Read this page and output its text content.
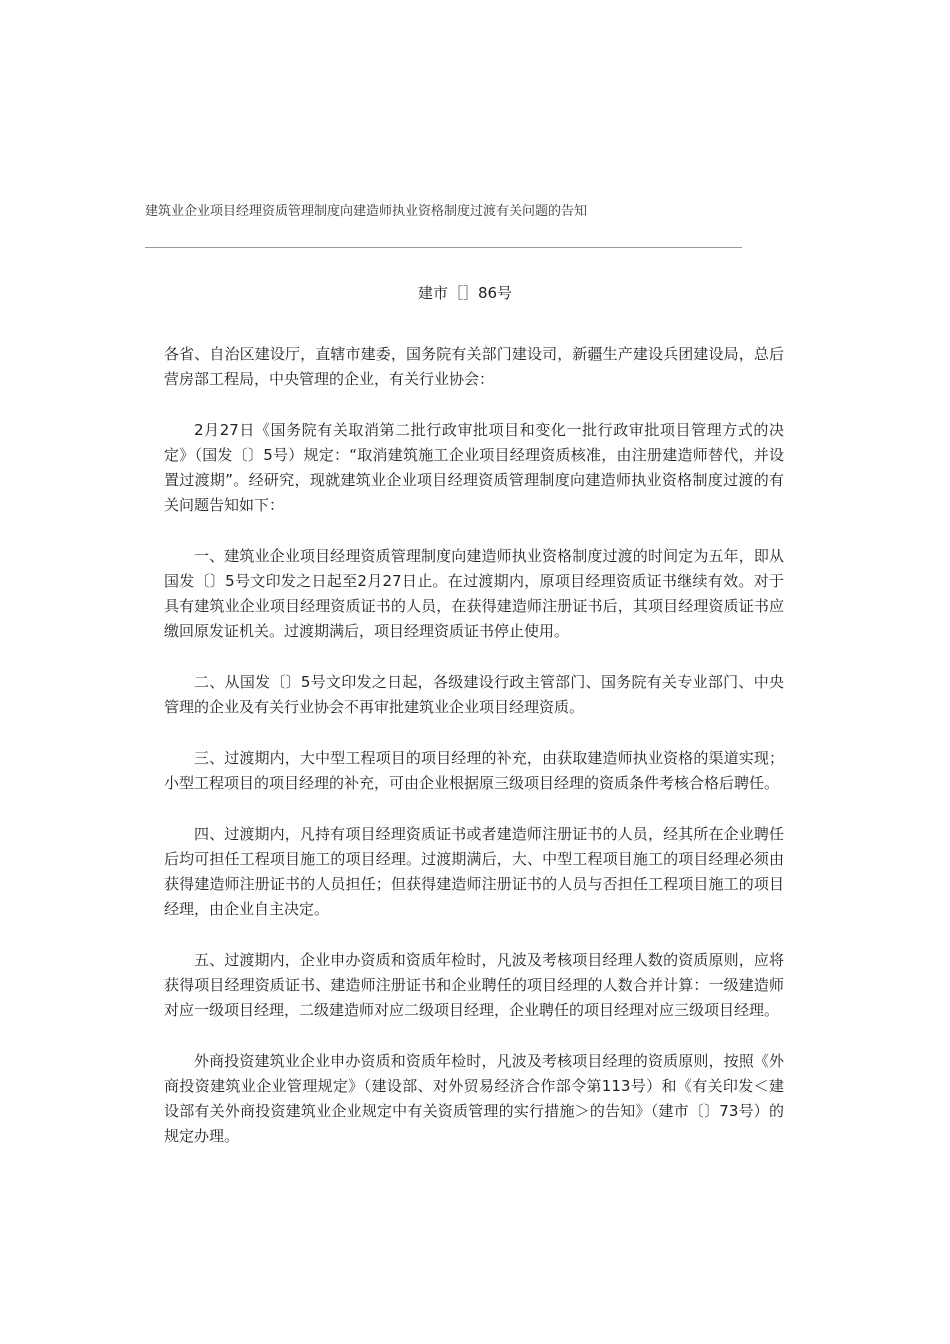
建筑业企业项目经理资质管理制度向建造师执业资格制度过渡有关问题的告知
建市［］86号

各省、自治区建设厅，直辖市建委，国务院有关部门建设司，新疆生产建设兵团建设局，总后营房部工程局，中央管理的企业，有关行业协会：

2月27日《国务院有关取消第二批行政审批项目和变化一批行政审批项目管理方式的决定》（国发〔〕5号）规定：“取消建筑施工企业项目经理资质核准，由注册建造师替代，并设置过渡期”。经研究，现就建筑业企业项目经理资质管理制度向建造师执业资格制度过渡的有关问题告知如下：

一、建筑业企业项目经理资质管理制度向建造师执业资格制度过渡的时间定为五年，即从国发〔〕5号文印发之日起至2月27日止。在过渡期内，原项目经理资质证书继续有效。对于具有建筑业企业项目经理资质证书的人员，在获得建造师注册证书后，其项目经理资质证书应缴回原发证机关。过渡期满后，项目经理资质证书停止使用。

二、从国发〔〕5号文印发之日起，各级建设行政主管部门、国务院有关专业部门、中央管理的企业及有关行业协会不再审批建筑业企业项目经理资质。

三、过渡期内，大中型工程项目的项目经理的补充，由获取建造师执业资格的渠道实现；小型工程项目的项目经理的补充，可由企业根据原三级项目经理的资质条件考核合格后聘任。

四、过渡期内，凡持有项目经理资质证书或者建造师注册证书的人员，经其所在企业聘任后均可担任工程项目施工的项目经理。过渡期满后，大、中型工程项目施工的项目经理必须由获得建造师注册证书的人员担任；但获得建造师注册证书的人员与否担任工程项目施工的项目经理，由企业自主决定。

五、过渡期内，企业申办资质和资质年检时，凡波及考核项目经理人数的资质原则，应将获得项目经理资质证书、建造师注册证书和企业聘任的项目经理的人数合并计算：一级建造师对应一级项目经理，二级建造师对应二级项目经理，企业聘任的项目经理对应三级项目经理。

外商投资建筑业企业申办资质和资质年检时，凡波及考核项目经理的资质原则，按照《外商投资建筑业企业管理规定》（建设部、对外贸易经济合作部令第113号）和《有关印发＜建设部有关外商投资建筑业企业规定中有关资质管理的实行措施＞的告知》（建市〔〕73号）的规定办理。
